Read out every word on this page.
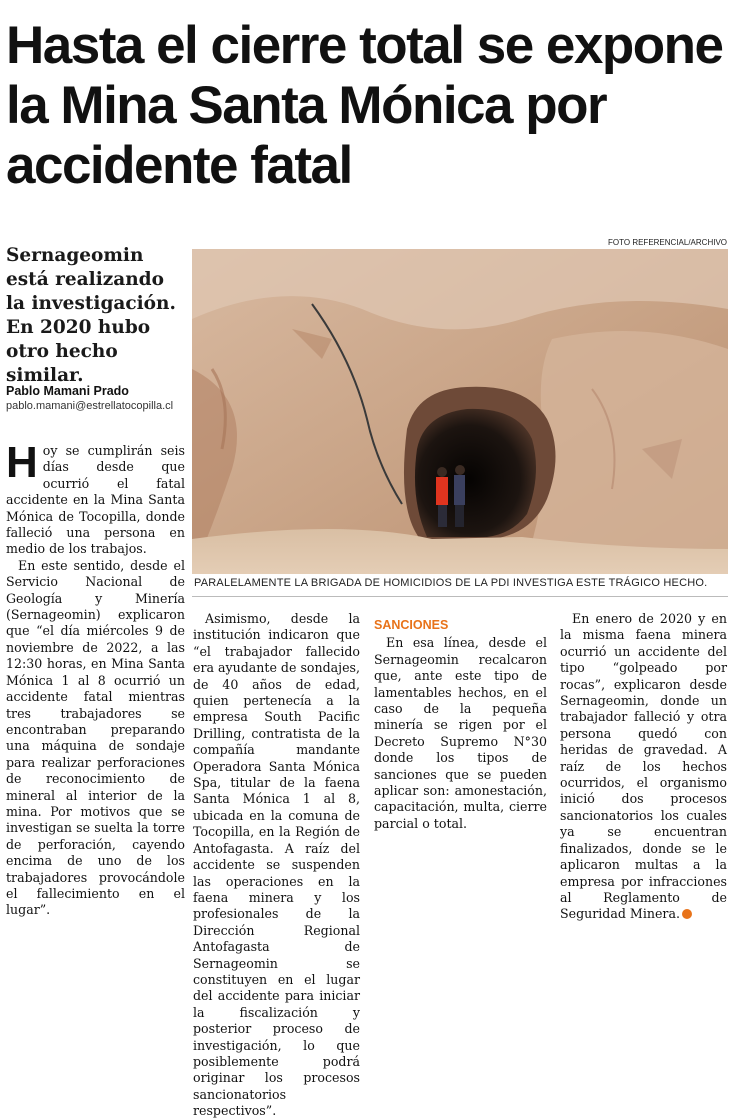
Hasta el cierre total se expone la Mina Santa Mónica por accidente fatal
Sernageomin está realizando la investigación. En 2020 hubo otro hecho similar.
Pablo Mamani Prado
pablo.mamani@estrellatocopilla.cl
FOTO REFERENCIAL/ARCHIVO
PARALELAMENTE LA BRIGADA DE HOMICIDIOS DE LA PDI INVESTIGA ESTE TRÁGICO HECHO.

Hoy se cumplirán seis días desde que ocurrió el fatal accidente en la Mina Santa Mónica de Tocopilla, donde falleció una persona en medio de los trabajos.

En este sentido, desde el Servicio Nacional de Geología y Minería (Sernageomin) explicaron que “el día miércoles 9 de noviembre de 2022, a las 12:30 horas, en Mina Santa Mónica 1 al 8 ocurrió un accidente fatal mientras tres trabajadores se encontraban preparando una máquina de sondaje para realizar perforaciones de reconocimiento de mineral al interior de la mina. Por motivos que se investigan se suelta la torre de perforación, cayendo encima de uno de los trabajadores provocándole el fallecimiento en el lugar”.

Asimismo, desde la institución indicaron que “el trabajador fallecido era ayudante de sondajes, de 40 años de edad, quien pertenecía a la empresa South Pacific Drilling, contratista de la compañía mandante Operadora Santa Mónica Spa, titular de la faena Santa Mónica 1 al 8, ubicada en la comuna de Tocopilla, en la Región de Antofagasta. A raíz del accidente se suspenden las operaciones en la faena minera y los profesionales de la Dirección Regional Antofagasta de Sernageomin se constituyen en el lugar del accidente para iniciar la fiscalización y posterior proceso de investigación, lo que posiblemente podrá originar los procesos sancionatorios respectivos”.

SANCIONES

En esa línea, desde el Sernageomin recalcaron que, ante este tipo de lamentables hechos, en el caso de la pequeña minería se rigen por el Decreto Supremo N°30 donde los tipos de sanciones que se pueden aplicar son: amonestación, capacitación, multa, cierre parcial o total.

En enero de 2020 y en la misma faena minera ocurrió un accidente del tipo “golpeado por rocas”, explicaron desde Sernageomin, donde un trabajador falleció y otra persona quedó con heridas de gravedad. A raíz de los hechos ocurridos, el organismo inició dos procesos sancionatorios los cuales ya se encuentran finalizados, donde se le aplicaron multas a la empresa por infracciones al Reglamento de Seguridad Minera.
